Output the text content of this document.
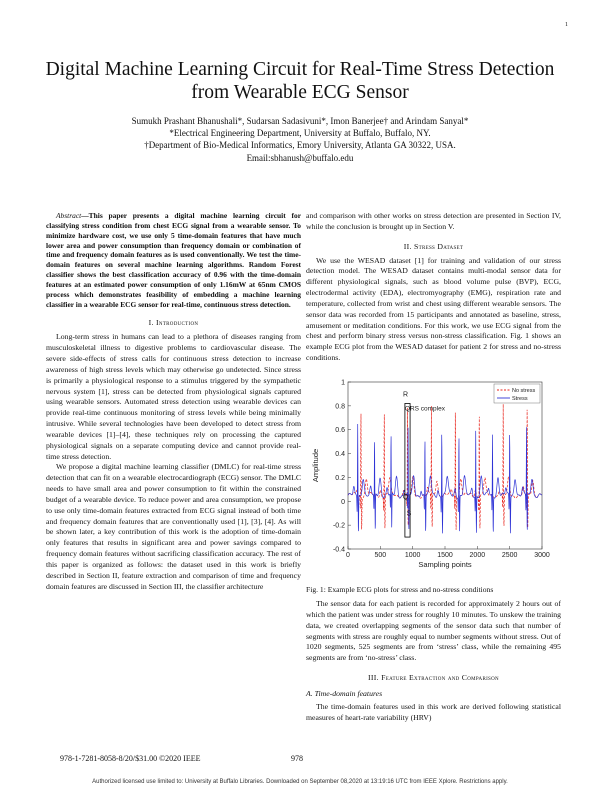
1
Digital Machine Learning Circuit for Real-Time Stress Detection from Wearable ECG Sensor
Sumukh Prashant Bhanushali*, Sudarsan Sadasivuni*, Imon Banerjee† and Arindam Sanyal*
*Electrical Engineering Department, University at Buffalo, Buffalo, NY.
†Department of Bio-Medical Informatics, Emory University, Atlanta GA 30322, USA.
Email:sbhanush@buffalo.edu

Abstract—This paper presents a digital machine learning circuit for classifying stress condition from chest ECG signal from a wearable sensor. To minimize hardware cost, we use only 5 time-domain features that have much lower area and power consumption than frequency domain or combination of time and frequency domain features as is used conventionally. We test the time-domain features on several machine learning algorithms. Random Forest classifier shows the best classification accuracy of 0.96 with the time-domain features at an estimated power consumption of only 1.16mW at 65nm CMOS process which demonstrates feasibility of embedding a machine learning classifier in a wearable ECG sensor for real-time, continuous stress detection.

I. Introduction

Long-term stress in humans can lead to a plethora of diseases ranging from musculoskeletal illness to digestive problems to cardiovascular disease. The severe side-effects of stress calls for continuous stress detection to increase awareness of high stress levels which may otherwise go undetected. Since stress is primarily a physiological response to a stimulus triggered by the sympathetic nervous system [1], stress can be detected from physiological signals captured using wearable sensors. Automated stress detection using wearable devices can provide real-time continuous monitoring of stress levels while being minimally intrusive. While several technologies have been developed to detect stress from wearable devices [1]–[4], these techniques rely on processing the captured physiological signals on a separate computing device and cannot provide real-time stress detection.

We propose a digital machine learning classifier (DMLC) for real-time stress detection that can fit on a wearable electrocardiograph (ECG) sensor. The DMLC needs to have small area and power consumption to fit within the constrained budget of a wearable device. To reduce power and area consumption, we propose to use only time-domain features extracted from ECG signal instead of both time and frequency domain features that are conventionally used [1], [3], [4]. As will be shown later, a key contribution of this work is the adoption of time-domain only features that results in significant area and power savings compared to frequency domain features without sacrificing classification accuracy. The rest of this paper is organized as follows: the dataset used in this work is briefly described in Section II, feature extraction and comparison of time and frequency domain features are discussed in Section III, the classifier architecture

and comparison with other works on stress detection are presented in Section IV, while the conclusion is brought up in Section V.

II. Stress Dataset

We use the WESAD dataset [1] for training and validation of our stress detection model. The WESAD dataset contains multi-modal sensor data for different physiological signals, such as blood volume pulse (BVP), ECG, electrodermal activity (EDA), electromyography (EMG), respiration rate and temperature, collected from wrist and chest using different wearable sensors. The sensor data was recorded from 15 participants and annotated as baseline, stress, amusement or meditation conditions. For this work, we use ECG signal from the chest and perform binary stress versus non-stress classification. Fig. 1 shows an example ECG plot from the WESAD dataset for patient 2 for stress and no-stress conditions.

0	500	1000 1500 2000 2500 3000
-0.4
-0.2
0
0.2
0.4
0.6
0.8
1
Sampling points
Amplitude
R
Q
S
QRS complex
No stress
Stress
Fig. 1: Example ECG plots for stress and no-stress conditions

The sensor data for each patient is recorded for approximately 2 hours out of which the patient was under stress for roughly 10 minutes. To unskew the training data, we created overlapping segments of the sensor data such that number of segments with stress are roughly equal to number segments without stress. Out of 1020 segments, 525 segments are from ‘stress’ class, while the remaining 495 segments are from ‘no-stress’ class.

III. Feature Extraction and Comparison
A. Time-domain features

The time-domain features used in this work are derived following statistical measures of heart-rate variability (HRV)

978-1-7281-8058-8/20/$31.00 ©2020 IEEE	978
Authorized licensed use limited to: University at Buffalo Libraries. Downloaded on September 08,2020 at 13:19:16 UTC from IEEE Xplore. Restrictions apply.
